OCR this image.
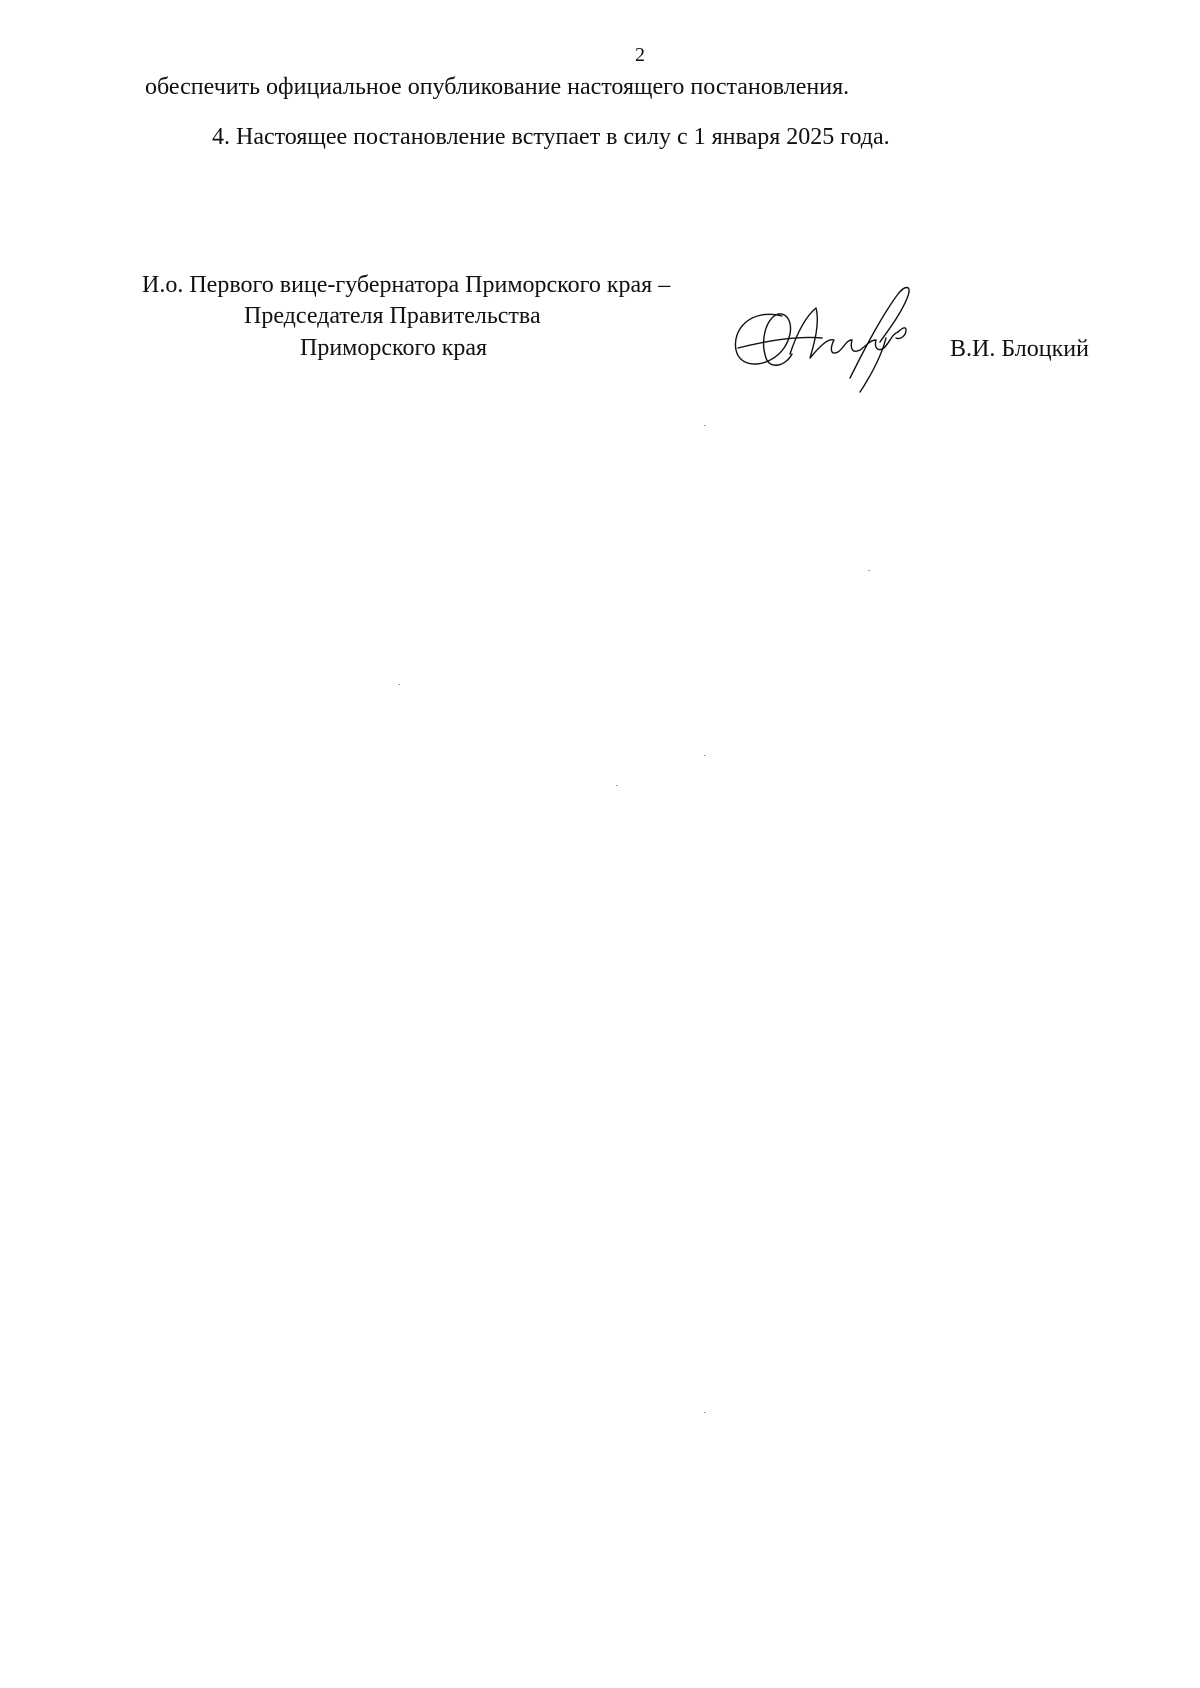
2
обеспечить официальное опубликование настоящего постановления.
4. Настоящее постановление вступает в силу с 1 января 2025 года.
И.о. Первого вице-губернатора Приморского края –
Председателя Правительства
Приморского края	В.И. Блоцкий
